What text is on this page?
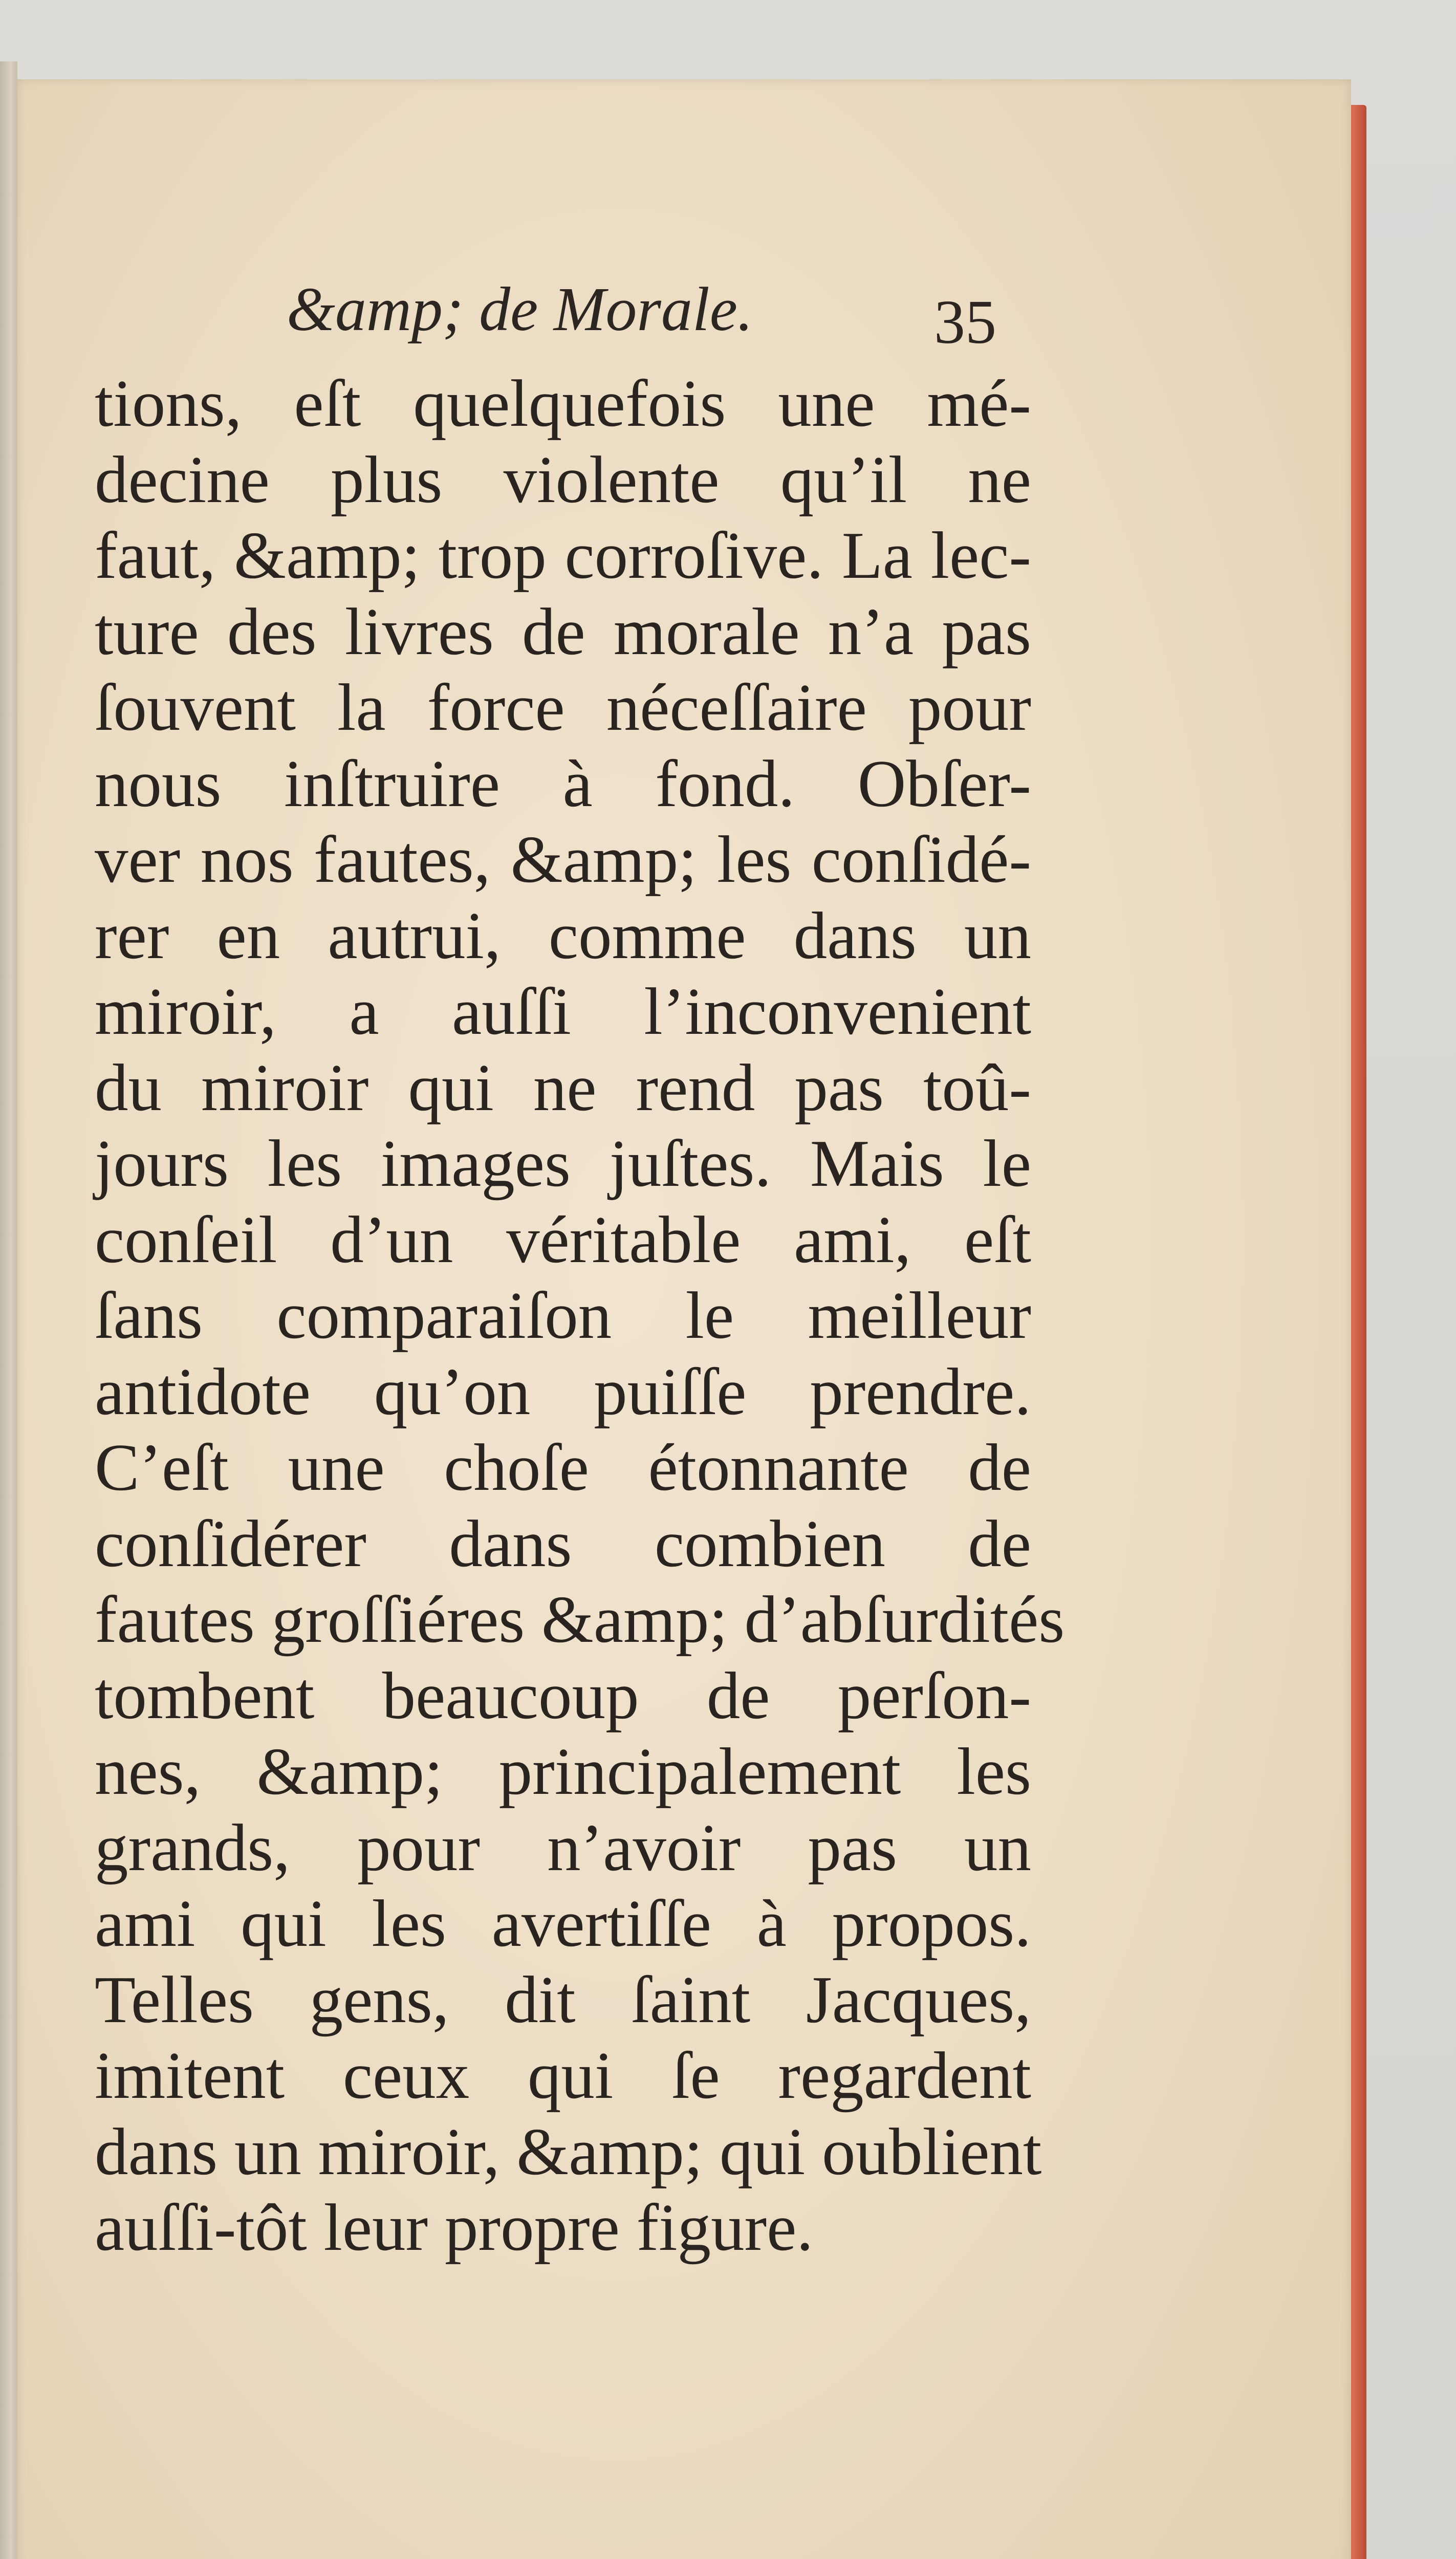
&amp; de Morale.	35
tions, eſt quelquefois une mé-
decine plus violente qu’il ne
faut, &amp; trop corroſive. La lec-
ture des livres de morale n’a pas
ſouvent la force néceſſaire pour
nous inſtruire à fond. Obſer-
ver nos fautes, &amp; les conſidé-
rer en autrui, comme dans un
miroir, a auſſi l’inconvenient
du miroir qui ne rend pas toû-
jours les images juſtes. Mais le
conſeil d’un véritable ami, eſt
ſans comparaiſon le meilleur
antidote qu’on puiſſe prendre.
C’eſt une choſe étonnante de
conſidérer dans combien de
fautes groſſiéres &amp; d’abſurdités
tombent beaucoup de perſon-
nes, &amp; principalement les
grands, pour n’avoir pas un
ami qui les avertiſſe à propos.
Telles gens, dit ſaint Jacques,
imitent ceux qui ſe regardent
dans un miroir, &amp; qui oublient
auſſi-tôt leur propre figure.
